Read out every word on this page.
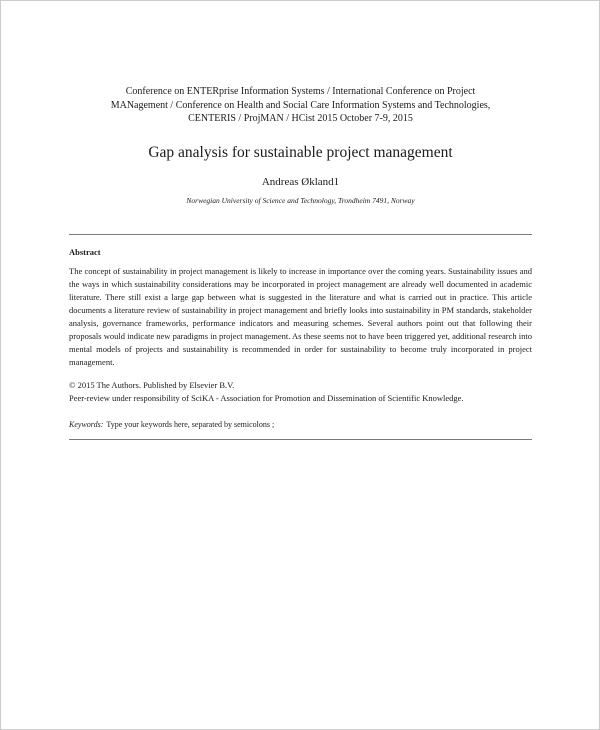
Conference on ENTERprise Information Systems / International Conference on Project
MANagement / Conference on Health and Social Care Information Systems and Technologies,
CENTERIS / ProjMAN / HCist 2015 October 7-9, 2015

Gap analysis for sustainable project management

Andreas Økland1

Norwegian University of Science and Technology, Trondheim 7491, Norway

Abstract

The concept of sustainability in project management is likely to increase in importance over the coming years. Sustainability issues and the ways in which sustainability considerations may be incorporated in project management are already well documented in academic literature. There still exist a large gap between what is suggested in the literature and what is carried out in practice. This article documents a literature review of sustainability in project management and briefly looks into sustainability in PM standards, stakeholder analysis, governance frameworks, performance indicators and measuring schemes. Several authors point out that following their proposals would indicate new paradigms in project management. As these seems not to have been triggered yet, additional research into mental models of projects and sustainability is recommended in order for sustainability to become truly incorporated in project management.

© 2015 The Authors. Published by Elsevier B.V.
Peer-review under responsibility of SciKA - Association for Promotion and Dissemination of Scientific Knowledge.

Keywords: Type your keywords here, separated by semicolons ;
